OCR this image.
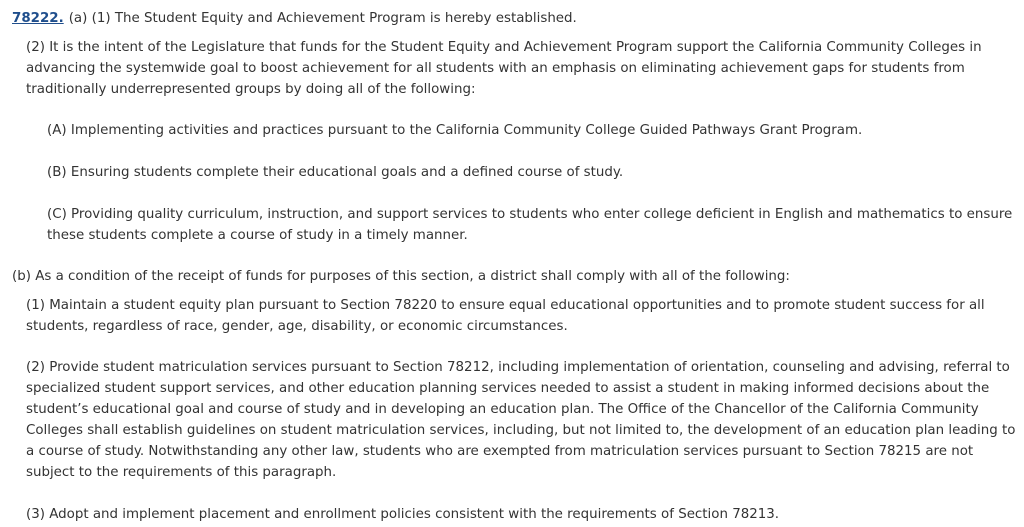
78222. (a) (1) The Student Equity and Achievement Program is hereby established.

(2) It is the intent of the Legislature that funds for the Student Equity and Achievement Program support the California Community Colleges in advancing the systemwide goal to boost achievement for all students with an emphasis on eliminating achievement gaps for students from traditionally underrepresented groups by doing all of the following:

(A) Implementing activities and practices pursuant to the California Community College Guided Pathways Grant Program.

(B) Ensuring students complete their educational goals and a defined course of study.

(C) Providing quality curriculum, instruction, and support services to students who enter college deficient in English and mathematics to ensure these students complete a course of study in a timely manner.

(b) As a condition of the receipt of funds for purposes of this section, a district shall comply with all of the following:

(1) Maintain a student equity plan pursuant to Section 78220 to ensure equal educational opportunities and to promote student success for all students, regardless of race, gender, age, disability, or economic circumstances.

(2) Provide student matriculation services pursuant to Section 78212, including implementation of orientation, counseling and advising, referral to specialized student support services, and other education planning services needed to assist a student in making informed decisions about the student’s educational goal and course of study and in developing an education plan. The Office of the Chancellor of the California Community Colleges shall establish guidelines on student matriculation services, including, but not limited to, the development of an education plan leading to a course of study. Notwithstanding any other law, students who are exempted from matriculation services pursuant to Section 78215 are not subject to the requirements of this paragraph.

(3) Adopt and implement placement and enrollment policies consistent with the requirements of Section 78213.
